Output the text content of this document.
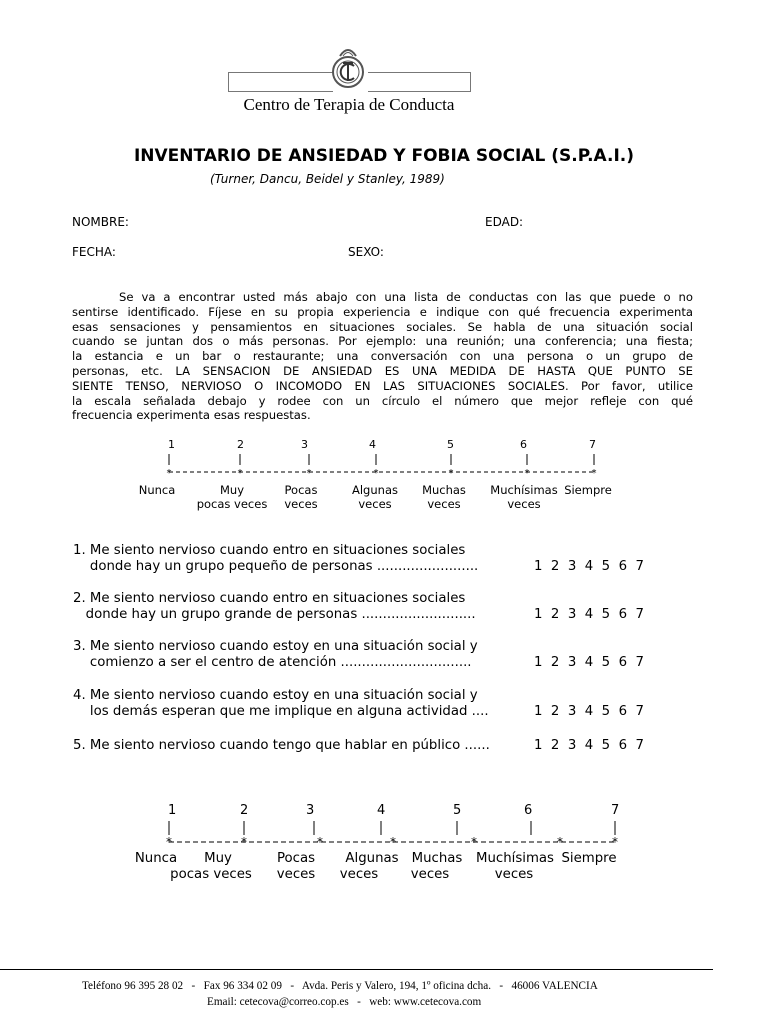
Centro de Terapia de Conducta
INVENTARIO DE ANSIEDAD Y FOBIA SOCIAL (S.P.A.I.)
(Turner, Dancu, Beidel y Stanley, 1989)
NOMBRE:	EDAD:
FECHA:	SEXO:
Se va a encontrar usted más abajo con una lista de conductas con las que puede o no
sentirse identificado. Fíjese en su propia experiencia e indique con qué frecuencia experimenta
esas sensaciones y pensamientos en situaciones sociales. Se habla de una situación social
cuando se juntan dos o más personas. Por ejemplo: una reunión; una conferencia; una fiesta;
la estancia e un bar o restaurante; una conversación con una persona o un grupo de
personas, etc. LA SENSACION DE ANSIEDAD ES UNA MEDIDA DE HASTA QUE PUNTO SE
SIENTE TENSO, NERVIOSO O INCOMODO EN LAS SITUACIONES SOCIALES. Por favor, utilice
la escala señalada debajo y rodee con un círculo el número que mejor refleje con qué
frecuencia experimenta esas respuestas.
1	2	3	4	5	6	7
*	*	*	*	*	*	*
Nunca	Muy
pocas veces
Pocas
veces
Algunas
veces
Muchas
veces
Muchísimas
veces
Siempre
1. Me siento nervioso cuando entro en situaciones sociales
donde hay un grupo pequeño de personas ........................	1  2  3  4  5  6  7
2. Me siento nervioso cuando entro en situaciones sociales
donde hay un grupo grande de personas ...........................	1  2  3  4  5  6  7
3. Me siento nervioso cuando estoy en una situación social y
comienzo a ser el centro de atención ...............................	1  2  3  4  5  6  7
4. Me siento nervioso cuando estoy en una situación social y
los demás esperan que me implique en alguna actividad ....	1  2  3  4  5  6  7
5. Me siento nervioso cuando tengo que hablar en público ......	1  2  3  4  5  6  7
1	2	3	4	5	6	7
*	*	*
*	*	*	*
Nunca	Muy
pocas veces
Pocas
veces
Algunas
veces
Muchas
veces
Muchísimas
veces
Siempre
Teléfono 96 395 28 02   -   Fax 96 334 02 09   -   Avda. Peris y Valero, 194, 1º oficina dcha.   -   46006 VALENCIA
Email: cetecova@correo.cop.es   -   web: www.cetecova.com
